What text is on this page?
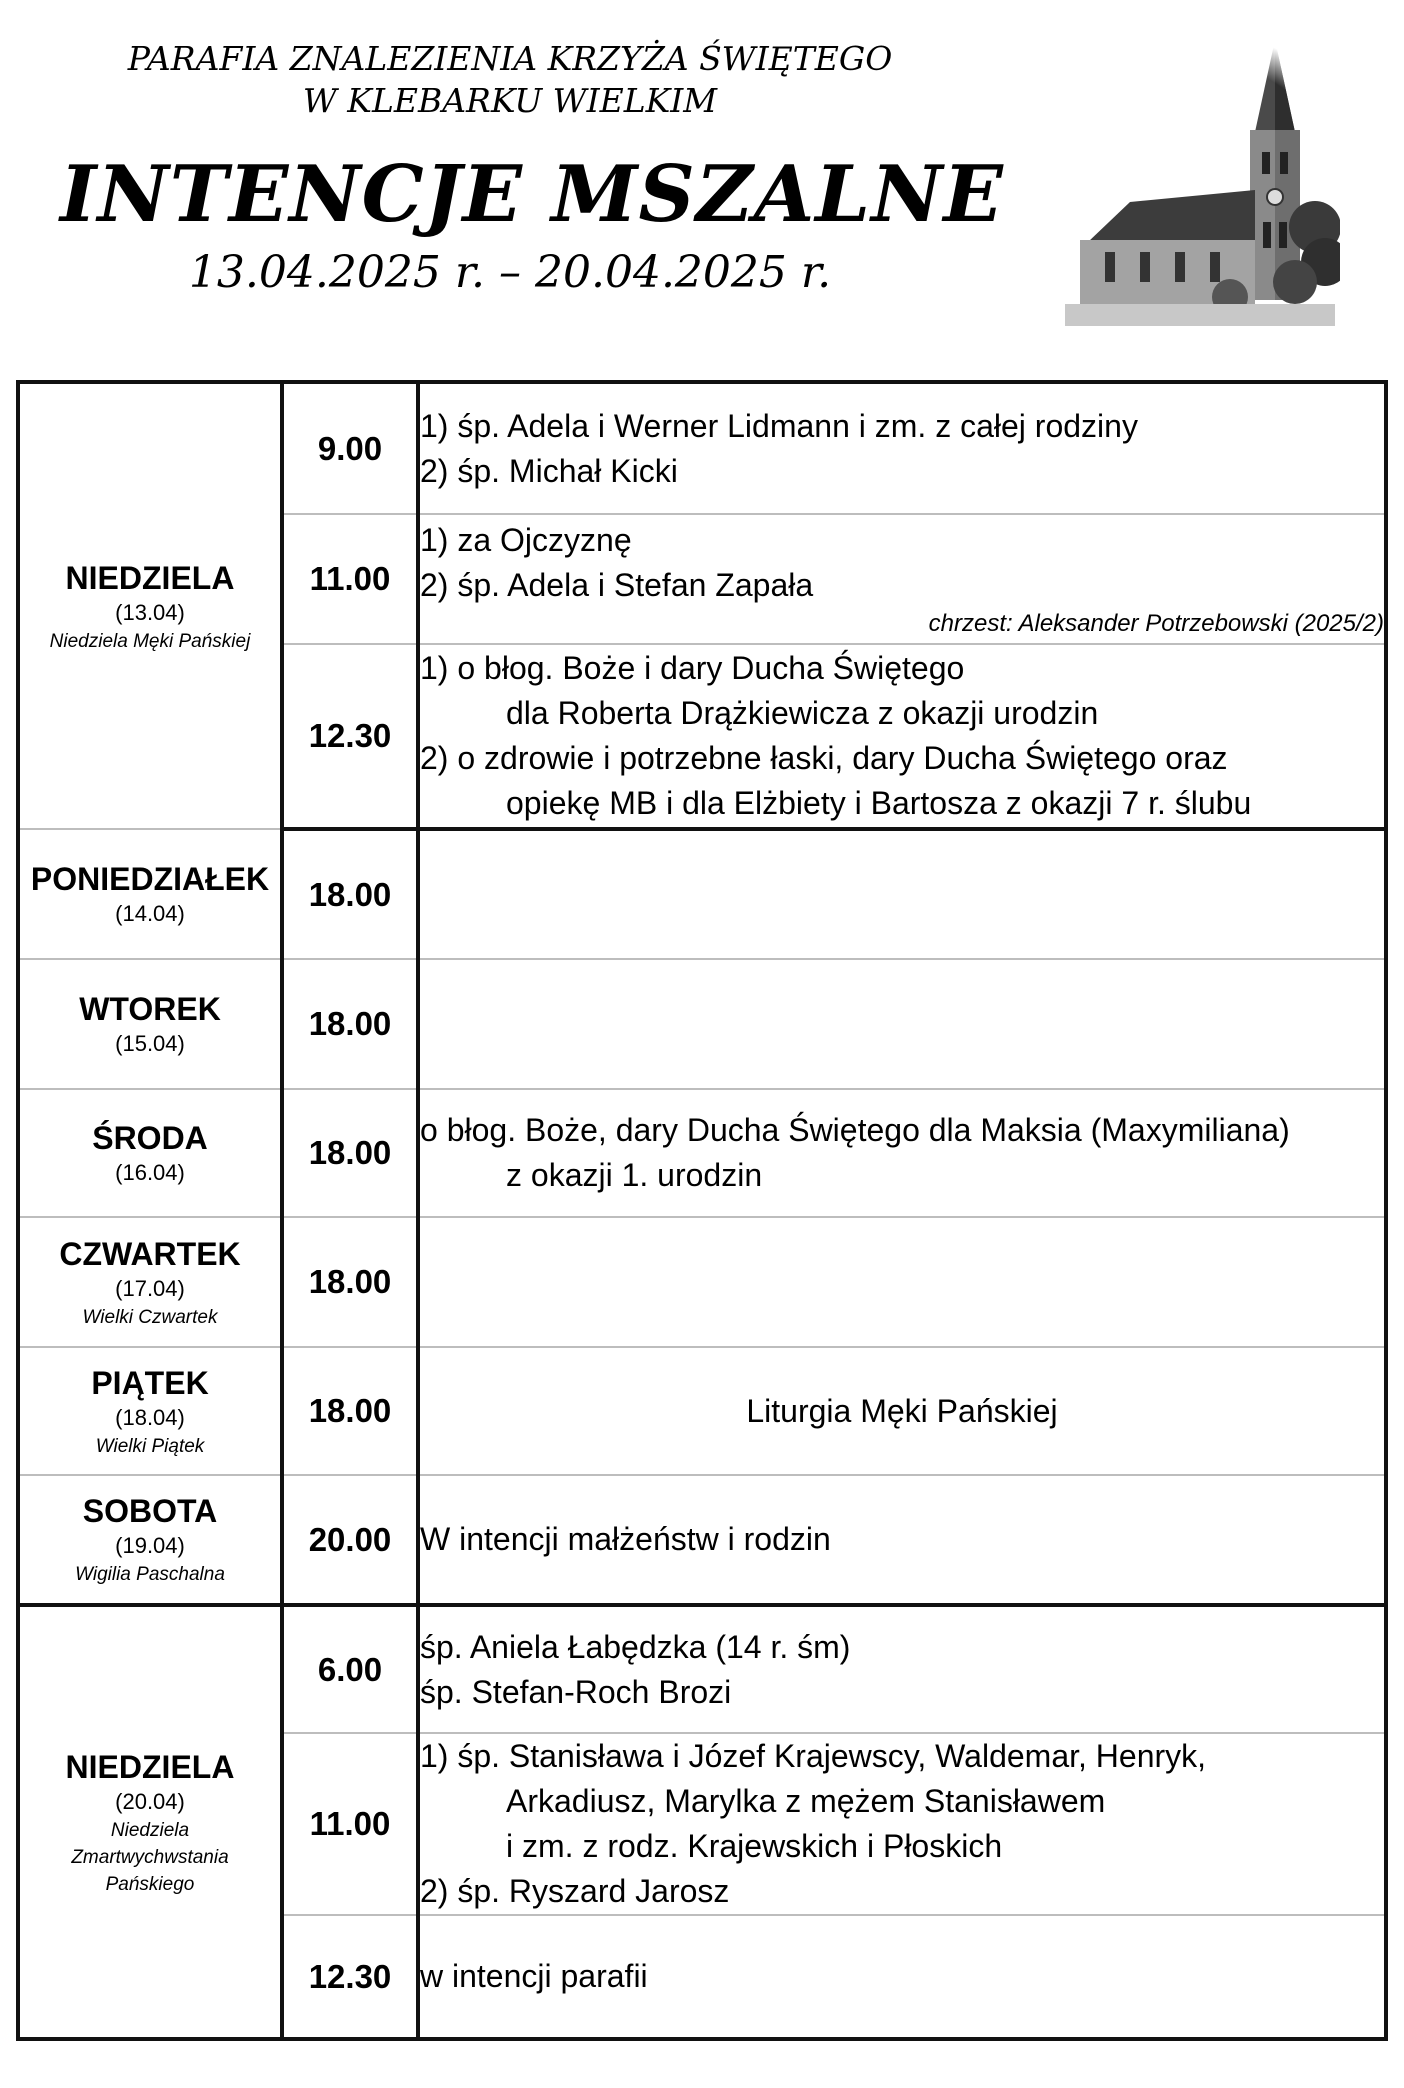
PARAFIA ZNALEZIENIA KRZYŻA ŚWIĘTEGO
W KLEBARKU WIELKIM
INTENCJE MSZALNE
13.04.2025 r. – 20.04.2025 r.
NIEDZIELA
(13.04)
Niedziela Męki Pańskiej	9.00	1) śp. Adela i Werner Lidmann i zm. z całej rodziny
2) śp. Michał Kicki

	11.00	1) za Ojczyznę
2) śp. Adela i Stefan Zapała
chrzest: Aleksander Potrzebowski (2025/2)

	12.30	1) o błog. Boże i dary Ducha Świętego
dla Roberta Drążkiewicza z okazji urodzin
2) o zdrowie i potrzebne łaski, dary Ducha Świętego oraz
opiekę MB i dla Elżbiety i Bartosza z okazji 7 r. ślubu

PONIEDZIAŁEK
(14.04)	18.00	

WTOREK
(15.04)	18.00	

ŚRODA
(16.04)	18.00	o błog. Boże, dary Ducha Świętego dla Maksia (Maxymiliana)
z okazji 1. urodzin

CZWARTEK
(17.04)
Wielki Czwartek	18.00	

PIĄTEK
(18.04)
Wielki Piątek	18.00	Liturgia Męki Pańskiej

SOBOTA
(19.04)
Wigilia Paschalna	20.00	W intencji małżeństw i rodzin

NIEDZIELA
(20.04)
Niedziela
Zmartwychwstania
Pańskiego	6.00	śp. Aniela Łabędzka (14 r. śm)
śp. Stefan-Roch Brozi

	11.00	1) śp. Stanisława i Józef Krajewscy, Waldemar, Henryk,
Arkadiusz, Marylka z mężem Stanisławem
i zm. z rodz. Krajewskich i Płoskich
2) śp. Ryszard Jarosz

	12.30	w intencji parafii
